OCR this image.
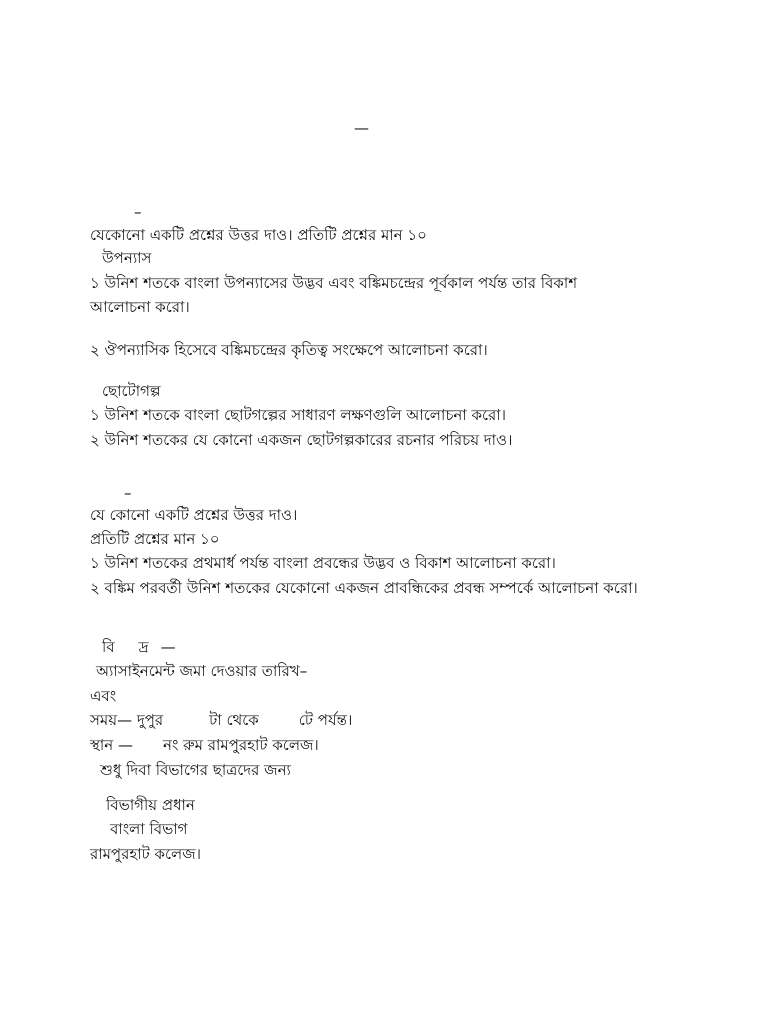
—
–
যেকোনো একটি প্রশ্নের উত্তর দাও। প্রতিটি প্রশ্নের মান ১০
উপন্যাস
১ উনিশ শতকে বাংলা উপন্যাসের উদ্ভব এবং বঙ্কিমচন্দ্রের পূর্বকাল পর্যন্ত তার বিকাশ
আলোচনা করো।
২ ঔপন্যাসিক হিসেবে বঙ্কিমচন্দ্রের কৃতিত্ব সংক্ষেপে আলোচনা করো।
ছোটোগল্প
১ উনিশ শতকে বাংলা ছোটগল্পের সাধারণ লক্ষণগুলি আলোচনা করো।
২ উনিশ শতকের যে কোনো একজন ছোটগল্পকারের রচনার পরিচয় দাও।
–
যে কোনো একটি প্রশ্নের উত্তর দাও।
প্রতিটি প্রশ্নের মান ১০
১ উনিশ শতকের প্রথমার্ধ পর্যন্ত বাংলা প্রবন্ধের উদ্ভব ও বিকাশ আলোচনা করো।
২ বঙ্কিম পরবর্তী উনিশ শতকের যেকোনো একজন প্রাবন্ধিকের প্রবন্ধ সম্পর্কে আলোচনা করো।
বি দ্র —
অ্যাসাইনমেন্ট জমা দেওয়ার তারিখ–
এবং
সময়— দুপুর	টা থেকে	টে পর্যন্ত।
স্থান — নং রুম রামপুরহাট কলেজ।
শুধু দিবা বিভাগের ছাত্রদের জন্য
বিভাগীয় প্রধান
বাংলা বিভাগ
রামপুরহাট কলেজ।
